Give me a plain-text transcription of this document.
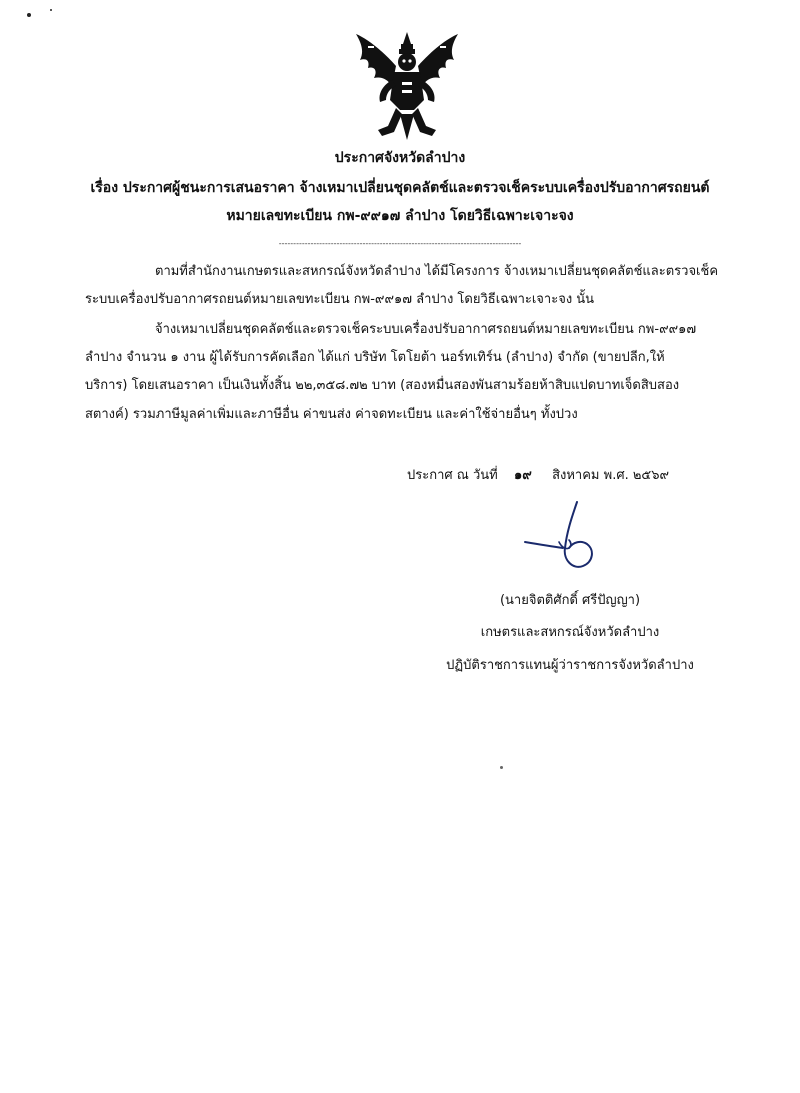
ประกาศจังหวัดลำปาง
เรื่อง ประกาศผู้ชนะการเสนอราคา จ้างเหมาเปลี่ยนชุดคลัตช์และตรวจเช็คระบบเครื่องปรับอากาศรถยนต์
หมายเลขทะเบียน กพ-๙๙๑๗ ลำปาง โดยวิธีเฉพาะเจาะจง
------------------------------------------------------------------------------------
ตามที่สำนักงานเกษตรและสหกรณ์จังหวัดลำปาง ได้มีโครงการ จ้างเหมาเปลี่ยนชุดคลัตช์และตรวจเช็ค
ระบบเครื่องปรับอากาศรถยนต์หมายเลขทะเบียน กพ-๙๙๑๗ ลำปาง โดยวิธีเฉพาะเจาะจง นั้น
จ้างเหมาเปลี่ยนชุดคลัตช์และตรวจเช็คระบบเครื่องปรับอากาศรถยนต์หมายเลขทะเบียน กพ-๙๙๑๗
ลำปาง จำนวน ๑ งาน ผู้ได้รับการคัดเลือก ได้แก่ บริษัท โตโยต้า นอร์ทเทิร์น (ลำปาง) จำกัด (ขายปลีก,ให้
บริการ) โดยเสนอราคา เป็นเงินทั้งสิ้น ๒๒,๓๕๘.๗๒ บาท (สองหมื่นสองพันสามร้อยห้าสิบแปดบาทเจ็ดสิบสอง
สตางค์) รวมภาษีมูลค่าเพิ่มและภาษีอื่น ค่าขนส่ง ค่าจดทะเบียน และค่าใช้จ่ายอื่นๆ ทั้งปวง
ประกาศ ณ วันที่ ๑๙ สิงหาคม พ.ศ. ๒๕๖๙
(นายจิตติศักดิ์ ศรีปัญญา)
เกษตรและสหกรณ์จังหวัดลำปาง
ปฏิบัติราชการแทนผู้ว่าราชการจังหวัดลำปาง
